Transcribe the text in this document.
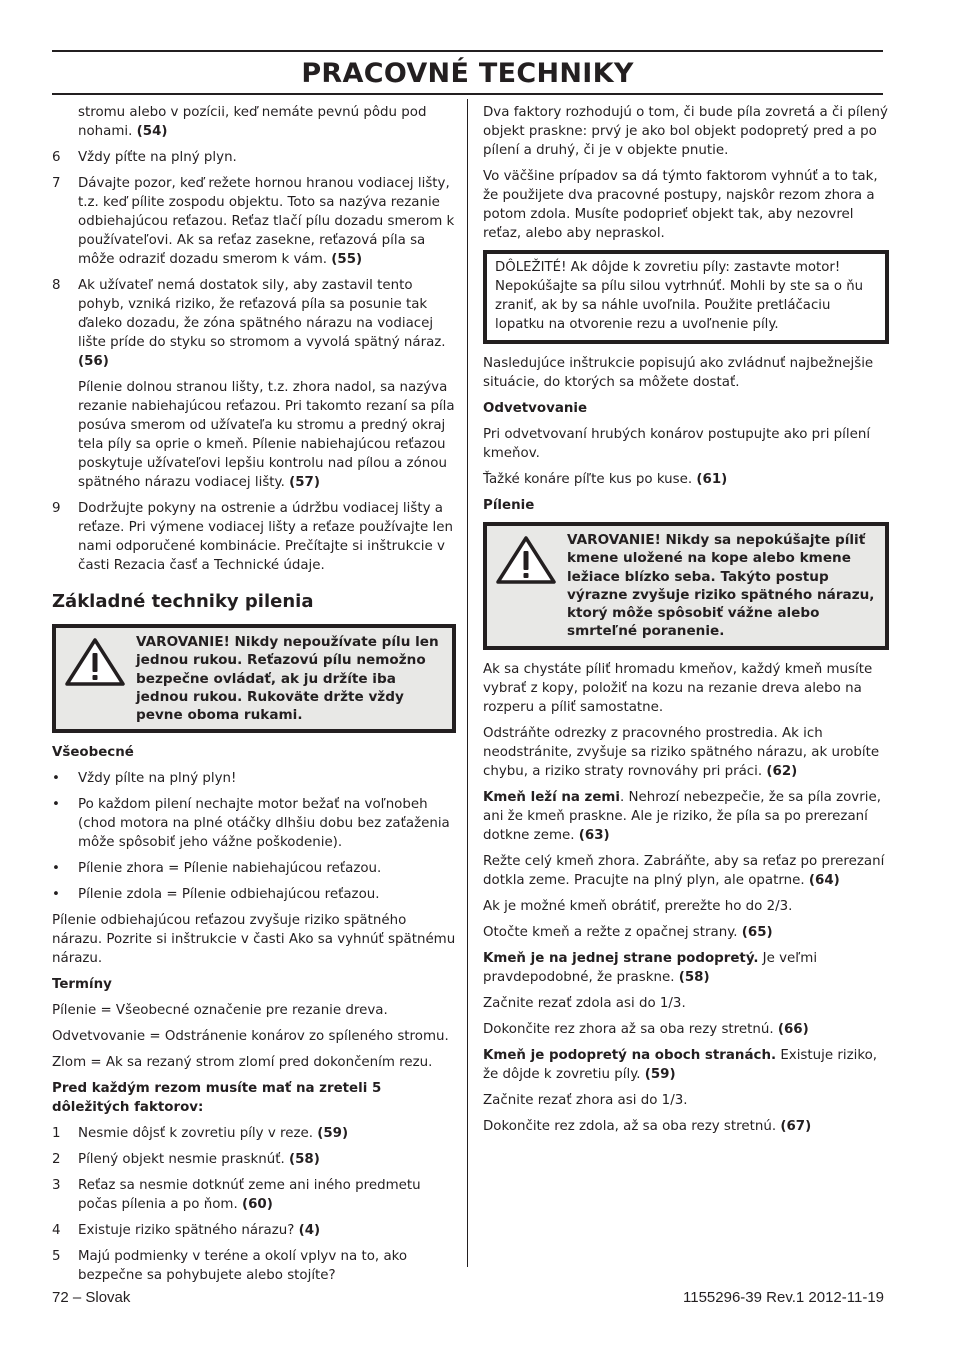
PRACOVNÉ TECHNIKY

stromu alebo v pozícii, keď nemáte pevnú pôdu pod nohami. (54)

6	Vždy píťte na plný plyn.
7	Dávajte pozor, keď režete hornou hranou vodiacej lišty, t.z. keď pílite zospodu objektu. Toto sa nazýva rezanie odbiehajúcou reťazou. Reťaz tlačí pílu dozadu smerom k používateľovi. Ak sa reťaz zasekne, reťazová píla sa môže odraziť dozadu smerom k vám. (55)
8	Ak užívateľ nemá dostatok sily, aby zastavil tento pohyb, vzniká riziko, že reťazová píla sa posunie tak ďaleko dozadu, že zóna spätného nárazu na vodiacej lište príde do styku so stromom a vyvolá spätný náraz. (56)

Pílenie dolnou stranou lišty, t.z. zhora nadol, sa nazýva rezanie nabiehajúcou reťazou. Pri takomto rezaní sa píla posúva smerom od užívateľa ku stromu a predný okraj tela píly sa oprie o kmeň. Pílenie nabiehajúcou reťazou poskytuje užívateľovi lepšiu kontrolu nad pílou a zónou spätného nárazu vodiacej lišty. (57)

9	Dodržujte pokyny na ostrenie a údržbu vodiacej lišty a reťaze. Pri výmene vodiacej lišty a reťaze používajte len nami odporučené kombinácie. Prečítajte si inštrukcie v časti Rezacia časť a Technické údaje.
Základné techniky pilenia
VAROVANIE! Nikdy nepoužívate pílu len jednou rukou. Reťazovú pílu nemožno bezpečne ovládať, ak ju držíte iba jednou rukou. Rukoväte držte vždy pevne oboma rukami.
Všeobecné
•	Vždy pílte na plný plyn!
•	Po každom pilení nechajte motor bežať na voľnobeh (chod motora na plné otáčky dlhšiu dobu bez zaťaženia môže spôsobiť jeho vážne poškodenie).
•	Pílenie zhora = Pílenie nabiehajúcou reťazou.
•	Pílenie zdola = Pílenie odbiehajúcou reťazou.

Pílenie odbiehajúcou reťazou zvyšuje riziko spätného nárazu. Pozrite si inštrukcie v časti Ako sa vyhnúť spätnému nárazu.

Termíny

Pílenie = Všeobecné označenie pre rezanie dreva.

Odvetvovanie = Odstránenie konárov zo spíleného stromu.

Zlom = Ak sa rezaný strom zlomí pred dokončením rezu.

Pred každým rezom musíte mať na zreteli 5 dôležitých faktorov:
1	Nesmie dôjsť k zovretiu píly v reze. (59)
2	Pílený objekt nesmie prasknúť. (58)
3	Reťaz sa nesmie dotknúť zeme ani iného predmetu počas pílenia a po ňom. (60)
4	Existuje riziko spätného nárazu? (4)
5	Majú podmienky v teréne a okolí vplyv na to, ako bezpečne sa pohybujete alebo stojíte?

Dva faktory rozhodujú o tom, či bude píla zovretá a či pílený objekt praskne: prvý je ako bol objekt podopretý pred a po pílení a druhý, či je v objekte pnutie.

Vo väčšine prípadov sa dá týmto faktorom vyhnúť a to tak, že použijete dva pracovné postupy, najskôr rezom zhora a potom zdola. Musíte podoprieť objekt tak, aby nezovrel reťaz, alebo aby nepraskol.

DÔLEŽITÉ! Ak dôjde k zovretiu píly: zastavte motor! Nepokúšajte sa pílu silou vytrhnúť. Mohli by ste sa o ňu zraniť, ak by sa náhle uvoľnila. Použite pretláčaciu lopatku na otvorenie rezu a uvoľnenie píly.

Nasledujúce inštrukcie popisujú ako zvládnuť najbežnejšie situácie, do ktorých sa môžete dostať.

Odvetvovanie

Pri odvetvovaní hrubých konárov postupujte ako pri pílení kmeňov.

Ťažké konáre píľte kus po kuse. (61)

Pílenie
VAROVANIE! Nikdy sa nepokúšajte píliť kmene uložené na kope alebo kmene ležiace blízko seba. Takýto postup výrazne zvyšuje riziko spätného nárazu, ktorý môže spôsobiť vážne alebo smrteľné poranenie.

Ak sa chystáte píliť hromadu kmeňov, každý kmeň musíte vybrať z kopy, položiť na kozu na rezanie dreva alebo na rozperu a píliť samostatne.

Odstráňte odrezky z pracovného prostredia. Ak ich neodstránite, zvyšuje sa riziko spätného nárazu, ak urobíte chybu, a riziko straty rovnováhy pri práci. (62)

Kmeň leží na zemi. Nehrozí nebezpečie, že sa píla zovrie, ani že kmeň praskne. Ale je riziko, že píla sa po prerezaní dotkne zeme. (63)

Režte celý kmeň zhora. Zabráňte, aby sa reťaz po prerezaní dotkla zeme. Pracujte na plný plyn, ale opatrne. (64)

Ak je možné kmeň obrátiť, prerežte ho do 2/3.

Otočte kmeň a režte z opačnej strany. (65)

Kmeň je na jednej strane podopretý. Je veľmi pravdepodobné, že praskne. (58)

Začnite rezať zdola asi do 1/3.

Dokončite rez zhora až sa oba rezy stretnú. (66)

Kmeň je podopretý na oboch stranách. Existuje riziko, že dôjde k zovretiu píly. (59)

Začnite rezať zhora asi do 1/3.

Dokončite rez zdola, až sa oba rezy stretnú. (67)

72 – Slovak	1155296-39 Rev.1 2012-11-19
